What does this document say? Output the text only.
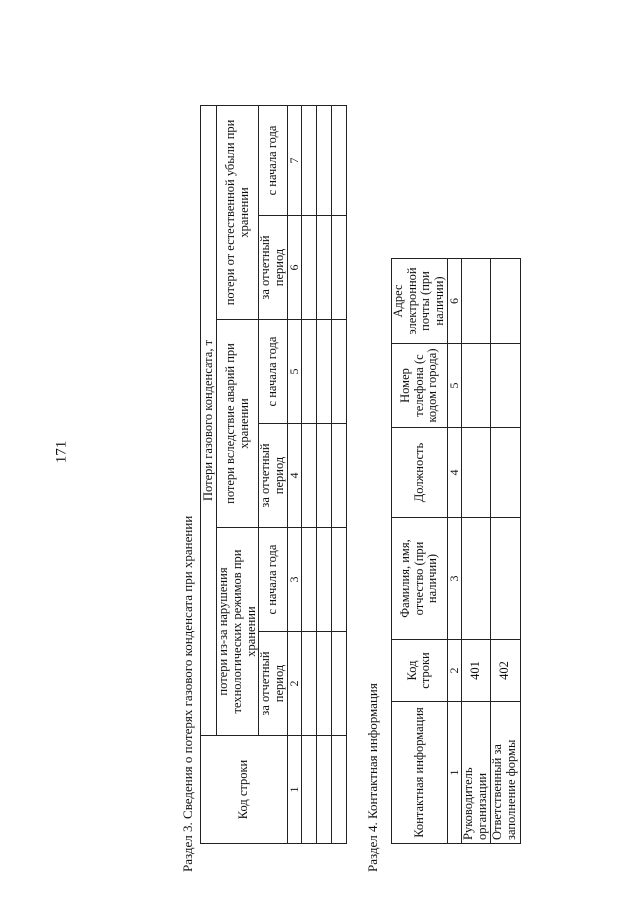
171
Раздел 3. Сведения о потерях газового конденсата при хранении	Код строки	Потери газового конденсата, т					
	потери из-за нарушения технологических режимов при хранении		потери вследствие аварий при хранении		потери от естественной убыли при хранении	
	за отчетный период	с начала года	за отчетный период	с начала года	за отчетный период	с начала года
1	2	3	4	5	6	7

Раздел 4. Контактная информация	Контактная информация	Код строки	Фамилия, имя, отчество (при наличии)	Должность	Номер телефона (с кодом города)	Адрес электронной почты (при наличии)
1	2	3	4	5	6
Руководитель организации	401				
Ответственный за заполнение формы	402				
